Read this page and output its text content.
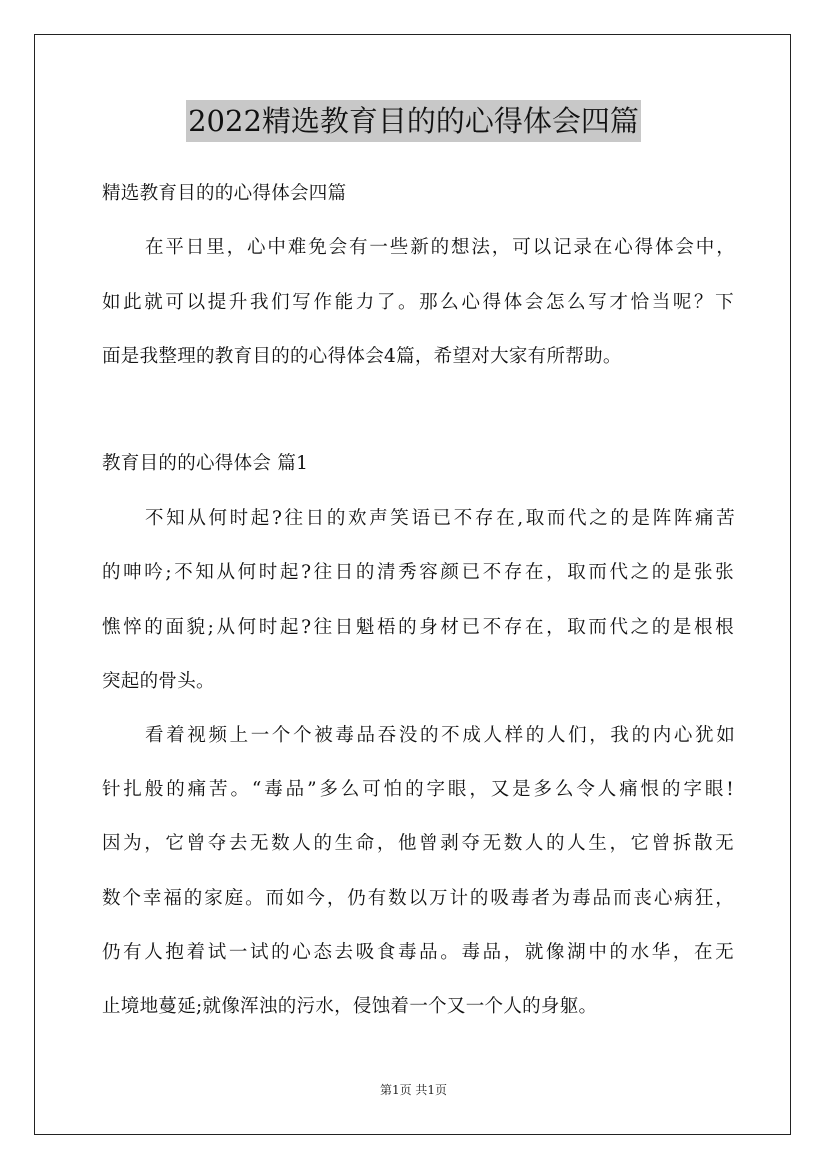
2022精选教育目的的心得体会四篇
精选教育目的的心得体会四篇
在平日里，心中难免会有一些新的想法，可以记录在心得体会中，
如此就可以提升我们写作能力了。那么心得体会怎么写才恰当呢？下
面是我整理的教育目的的心得体会4篇，希望对大家有所帮助。
教育目的的心得体会 篇1
不知从何时起?往日的欢声笑语已不存在,取而代之的是阵阵痛苦
的呻吟;不知从何时起?往日的清秀容颜已不存在，取而代之的是张张
憔悴的面貌;从何时起?往日魁梧的身材已不存在，取而代之的是根根
突起的骨头。
看着视频上一个个被毒品吞没的不成人样的人们，我的内心犹如
针扎般的痛苦。“毒品”多么可怕的字眼，又是多么令人痛恨的字眼!
因为，它曾夺去无数人的生命，他曾剥夺无数人的人生，它曾拆散无
数个幸福的家庭。而如今，仍有数以万计的吸毒者为毒品而丧心病狂，
仍有人抱着试一试的心态去吸食毒品。毒品，就像湖中的水华，在无
止境地蔓延;就像浑浊的污水，侵蚀着一个又一个人的身躯。
第1页 共1页
